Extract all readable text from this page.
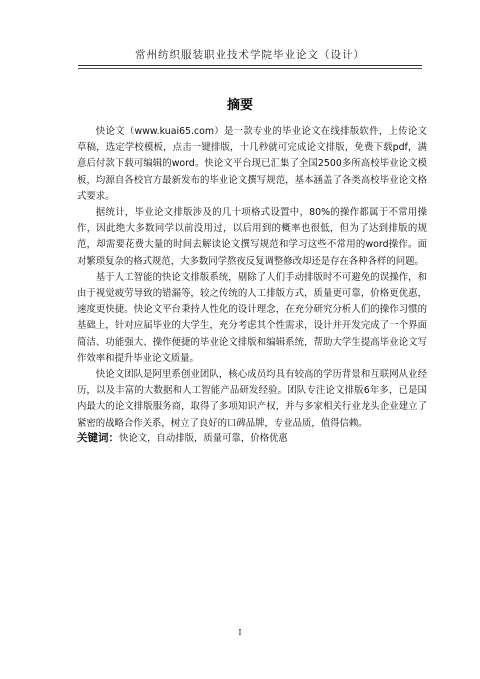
常州纺织服装职业技术学院毕业论文（设计）
摘要

快论文（www.kuai65.com）是一款专业的毕业论文在线排版软件，上传论文草稿，选定学校模板，点击一键排版，十几秒就可完成论文排版，免费下载pdf，满意后付款下载可编辑的word。快论文平台现已汇集了全国2500多所高校毕业论文模板，均源自各校官方最新发布的毕业论文撰写规范，基本涵盖了各类高校毕业论文格式要求。

据统计，毕业论文排版涉及的几十项格式设置中，80%的操作都属于不常用操作，因此绝大多数同学以前没用过，以后用到的概率也很低，但为了达到排版的规范，却需要花费大量的时间去解读论文撰写规范和学习这些不常用的word操作。面对繁琐复杂的格式规范，大多数同学熬夜反复调整修改却还是存在各种各样的问题。

基于人工智能的快论文排版系统，剔除了人们手动排版时不可避免的误操作，和由于视觉疲劳导致的错漏等，较之传统的人工排版方式，质量更可靠，价格更优惠，速度更快捷。快论文平台秉持人性化的设计理念，在充分研究分析人们的操作习惯的基础上，针对应届毕业的大学生，充分考虑其个性需求，设计并开发完成了一个界面简洁、功能强大、操作便捷的毕业论文排版和编辑系统，帮助大学生提高毕业论文写作效率和提升毕业论文质量。

快论文团队是阿里系创业团队，核心成员均具有较高的学历背景和互联网从业经历，以及丰富的大数据和人工智能产品研发经验。团队专注论文排版6年多，已是国内最大的论文排版服务商，取得了多项知识产权，并与多家相关行业龙头企业建立了紧密的战略合作关系，树立了良好的口碑品牌，专业品质，值得信赖。

关键词：快论文，自动排版，质量可靠，价格优惠
I
